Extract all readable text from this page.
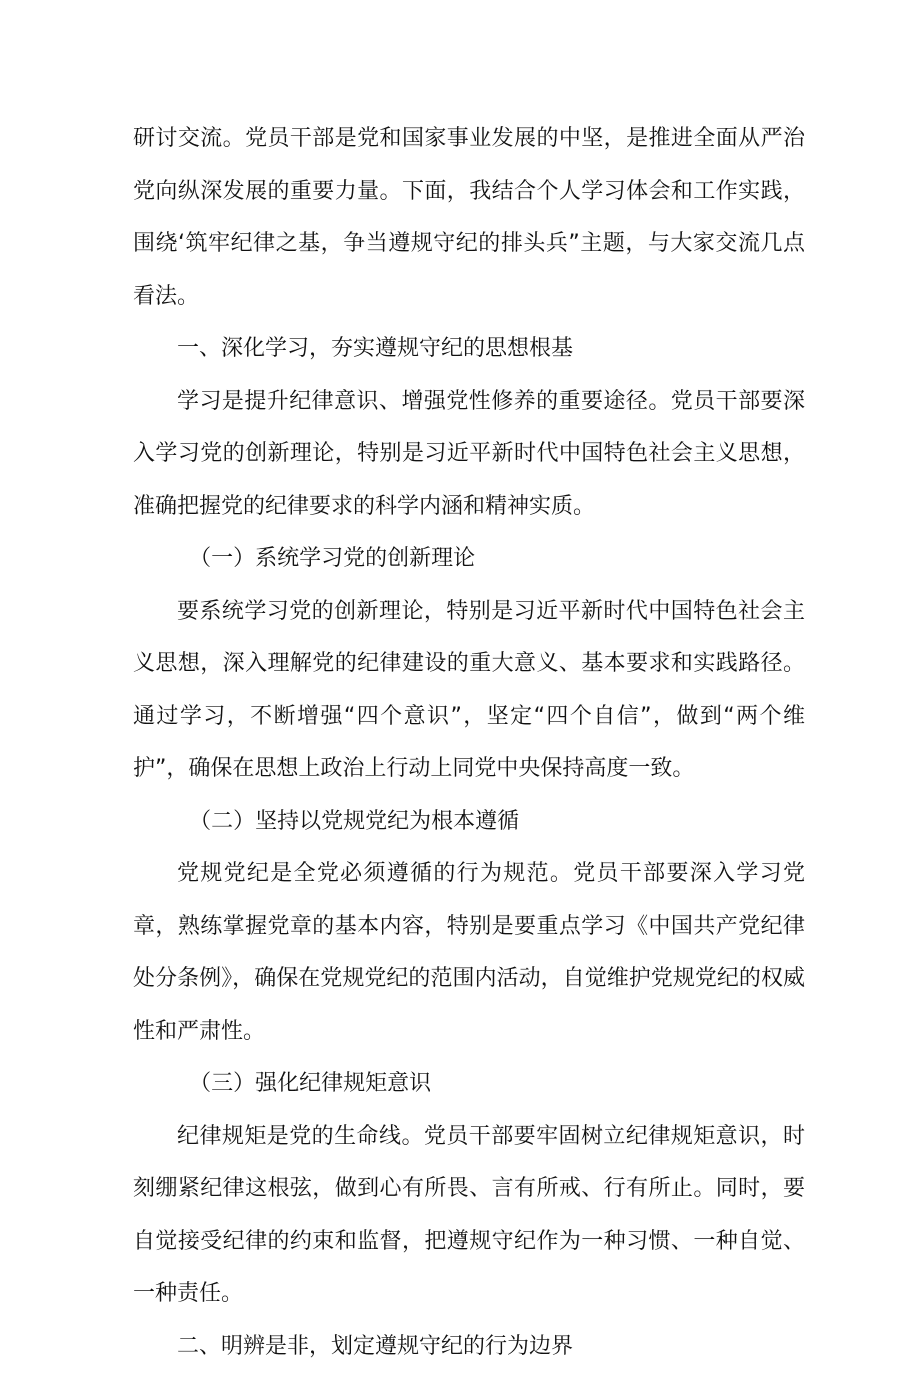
研讨交流。党员干部是党和国家事业发展的中坚，是推进全面从严治党向纵深发展的重要力量。下面，我结合个人学习体会和工作实践，围绕‘筑牢纪律之基，争当遵规守纪的排头兵”主题，与大家交流几点看法。

一、深化学习，夯实遵规守纪的思想根基

学习是提升纪律意识、增强党性修养的重要途径。党员干部要深入学习党的创新理论，特别是习近平新时代中国特色社会主义思想，准确把握党的纪律要求的科学内涵和精神实质。

（一）系统学习党的创新理论

要系统学习党的创新理论，特别是习近平新时代中国特色社会主义思想，深入理解党的纪律建设的重大意义、基本要求和实践路径。通过学习，不断增强“四个意识”，坚定“四个自信”，做到“两个维护”，确保在思想上政治上行动上同党中央保持高度一致。

（二）坚持以党规党纪为根本遵循

党规党纪是全党必须遵循的行为规范。党员干部要深入学习党章，熟练掌握党章的基本内容，特别是要重点学习《中国共产党纪律处分条例》，确保在党规党纪的范围内活动，自觉维护党规党纪的权威性和严肃性。

（三）强化纪律规矩意识

纪律规矩是党的生命线。党员干部要牢固树立纪律规矩意识，时刻绷紧纪律这根弦，做到心有所畏、言有所戒、行有所止。同时，要自觉接受纪律的约束和监督，把遵规守纪作为一种习惯、一种自觉、一种责任。

二、明辨是非，划定遵规守纪的行为边界
